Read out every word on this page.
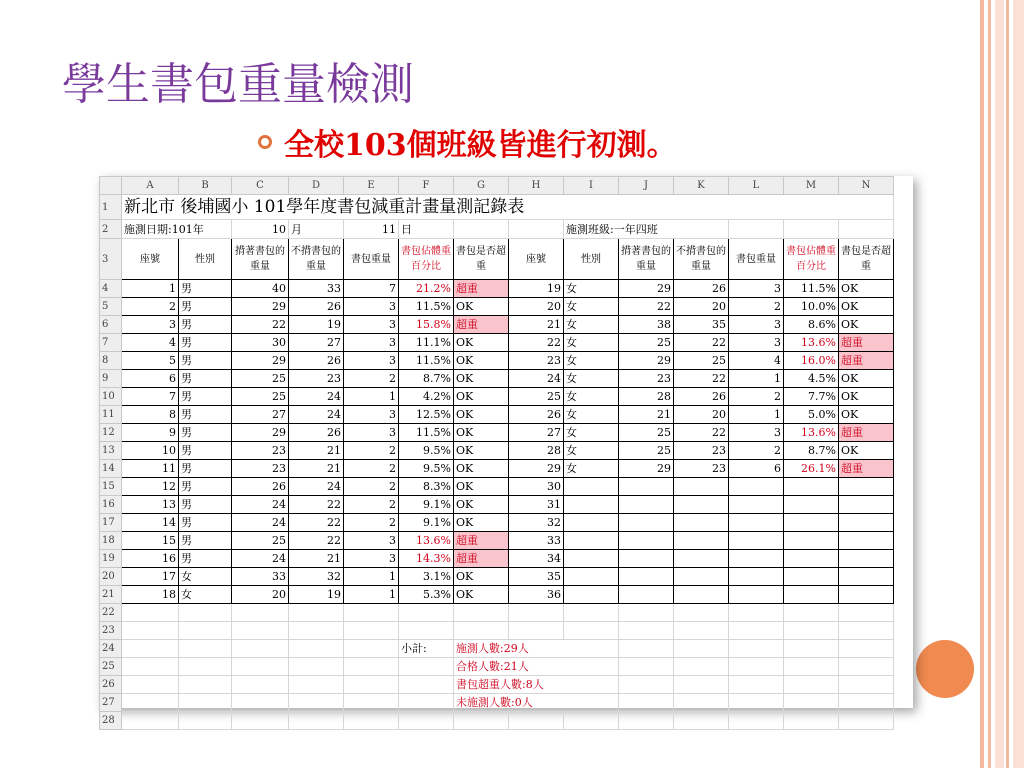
學生書包重量檢測
全校103個班級皆進行初測。
	A	B	C	D	E	F	G	H	I	J	K	L	M	N
1	新北市 後埔國小 101學年度書包減重計畫量測記錄表													
2	施測日期:101年		10	月	11	日			施測班級:一年四班					
3	座號	性別	揹著書包的重量	不揹書包的重量	書包重量	書包佔體重百分比	書包是否超重	座號	性別	揹著書包的重量	不揹書包的重量	書包重量	書包佔體重百分比	書包是否超重
4	1	男	40	33	7	21.2%	超重	19	女	29	26	3	11.5%	OK
5	2	男	29	26	3	11.5%	OK	20	女	22	20	2	10.0%	OK
6	3	男	22	19	3	15.8%	超重	21	女	38	35	3	8.6%	OK
7	4	男	30	27	3	11.1%	OK	22	女	25	22	3	13.6%	超重
8	5	男	29	26	3	11.5%	OK	23	女	29	25	4	16.0%	超重
9	6	男	25	23	2	8.7%	OK	24	女	23	22	1	4.5%	OK
10	7	男	25	24	1	4.2%	OK	25	女	28	26	2	7.7%	OK
11	8	男	27	24	3	12.5%	OK	26	女	21	20	1	5.0%	OK
12	9	男	29	26	3	11.5%	OK	27	女	25	22	3	13.6%	超重
13	10	男	23	21	2	9.5%	OK	28	女	25	23	2	8.7%	OK
14	11	男	23	21	2	9.5%	OK	29	女	29	23	6	26.1%	超重
15	12	男	26	24	2	8.3%	OK	30						
16	13	男	24	22	2	9.1%	OK	31						
17	14	男	24	22	2	9.1%	OK	32						
18	15	男	25	22	3	13.6%	超重	33						
19	16	男	24	21	3	14.3%	超重	34						
20	17	女	33	32	1	3.1%	OK	35						
21	18	女	20	19	1	5.3%	OK	36						
22														
23														
24						小計:	施測人數:29人							
25							合格人數:21人							
26							書包超重人數:8人							
27							未施測人數:0人							
28														
